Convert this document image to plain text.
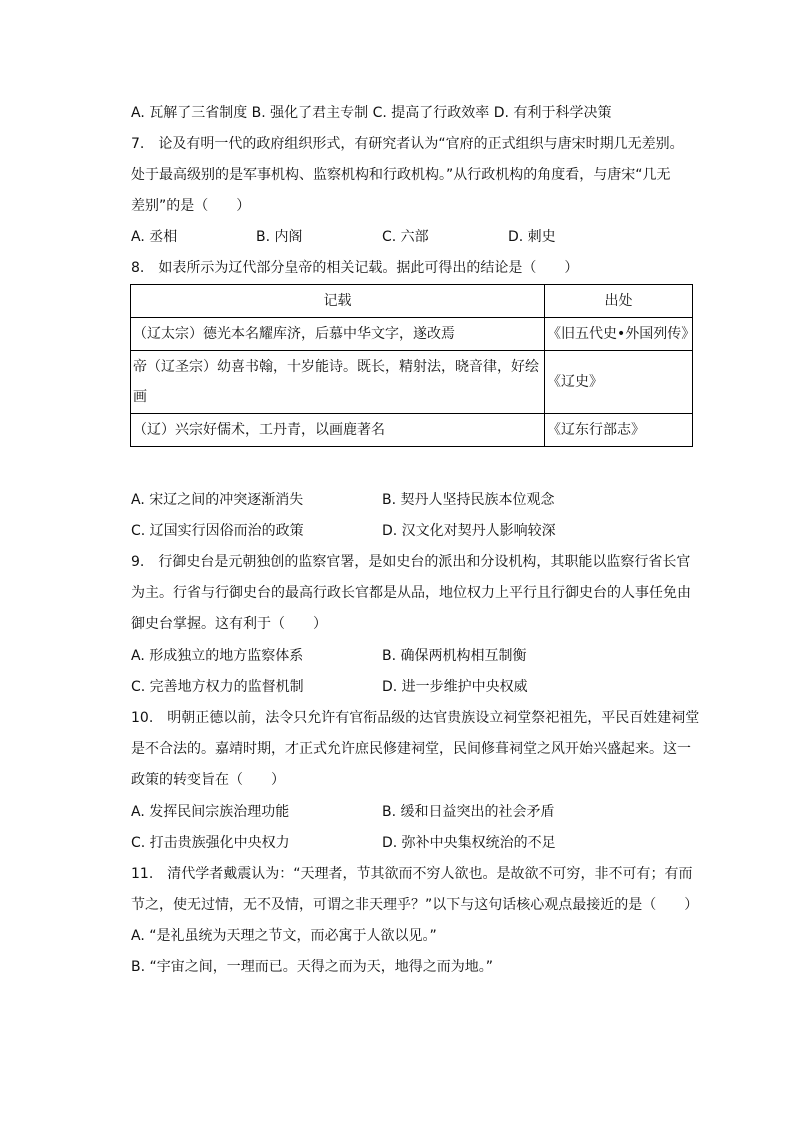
A. 瓦解了三省制度 B. 强化了君主专制 C. 提高了行政效率 D. 有利于科学决策
7.　论及有明一代的政府组织形式，有研究者认为“官府的正式组织与唐宋时期几无差别。
处于最高级别的是军事机构、监察机构和行政机构。”从行政机构的角度看，与唐宋“几无
差别”的是（　　）
A. 丞相	B. 内阁	C. 六部	D. 刺史
8.　如表所示为辽代部分皇帝的相关记载。据此可得出的结论是（　　）
记载	出处
（辽太宗）德光本名耀库济，后慕中华文字，遂改焉	《旧五代史•外国列传》
帝（辽圣宗）幼喜书翰，十岁能诗。既长，精射法，晓音律，好绘画	《辽史》
（辽）兴宗好儒术，工丹青，以画鹿著名	《辽东行部志》
A. 宋辽之间的冲突逐渐消失	B. 契丹人坚持民族本位观念
C. 辽国实行因俗而治的政策	D. 汉文化对契丹人影响较深
9.　行御史台是元朝独创的监察官署，是如史台的派出和分设机构，其职能以监察行省长官
为主。行省与行御史台的最高行政长官都是从品，地位权力上平行且行御史台的人事任免由
御史台掌握。这有利于（　　）
A. 形成独立的地方监察体系	B. 确保两机构相互制衡
C. 完善地方权力的监督机制	D. 进一步维护中央权威
10.　明朝正德以前，法令只允许有官衔品级的达官贵族设立祠堂祭祀祖先，平民百姓建祠堂
是不合法的。嘉靖时期，才正式允许庶民修建祠堂，民间修葺祠堂之风开始兴盛起来。这一
政策的转变旨在（　　）
A. 发挥民间宗族治理功能	B. 缓和日益突出的社会矛盾
C. 打击贵族强化中央权力	D. 弥补中央集权统治的不足
11.　清代学者戴震认为：“天理者，节其欲而不穷人欲也。是故欲不可穷，非不可有；有而
节之，使无过情，无不及情，可谓之非天理乎？”以下与这句话核心观点最接近的是（　　）
A. “是礼虽统为天理之节文，而必寓于人欲以见。”
B. “宇宙之间，一理而已。天得之而为天，地得之而为地。”
